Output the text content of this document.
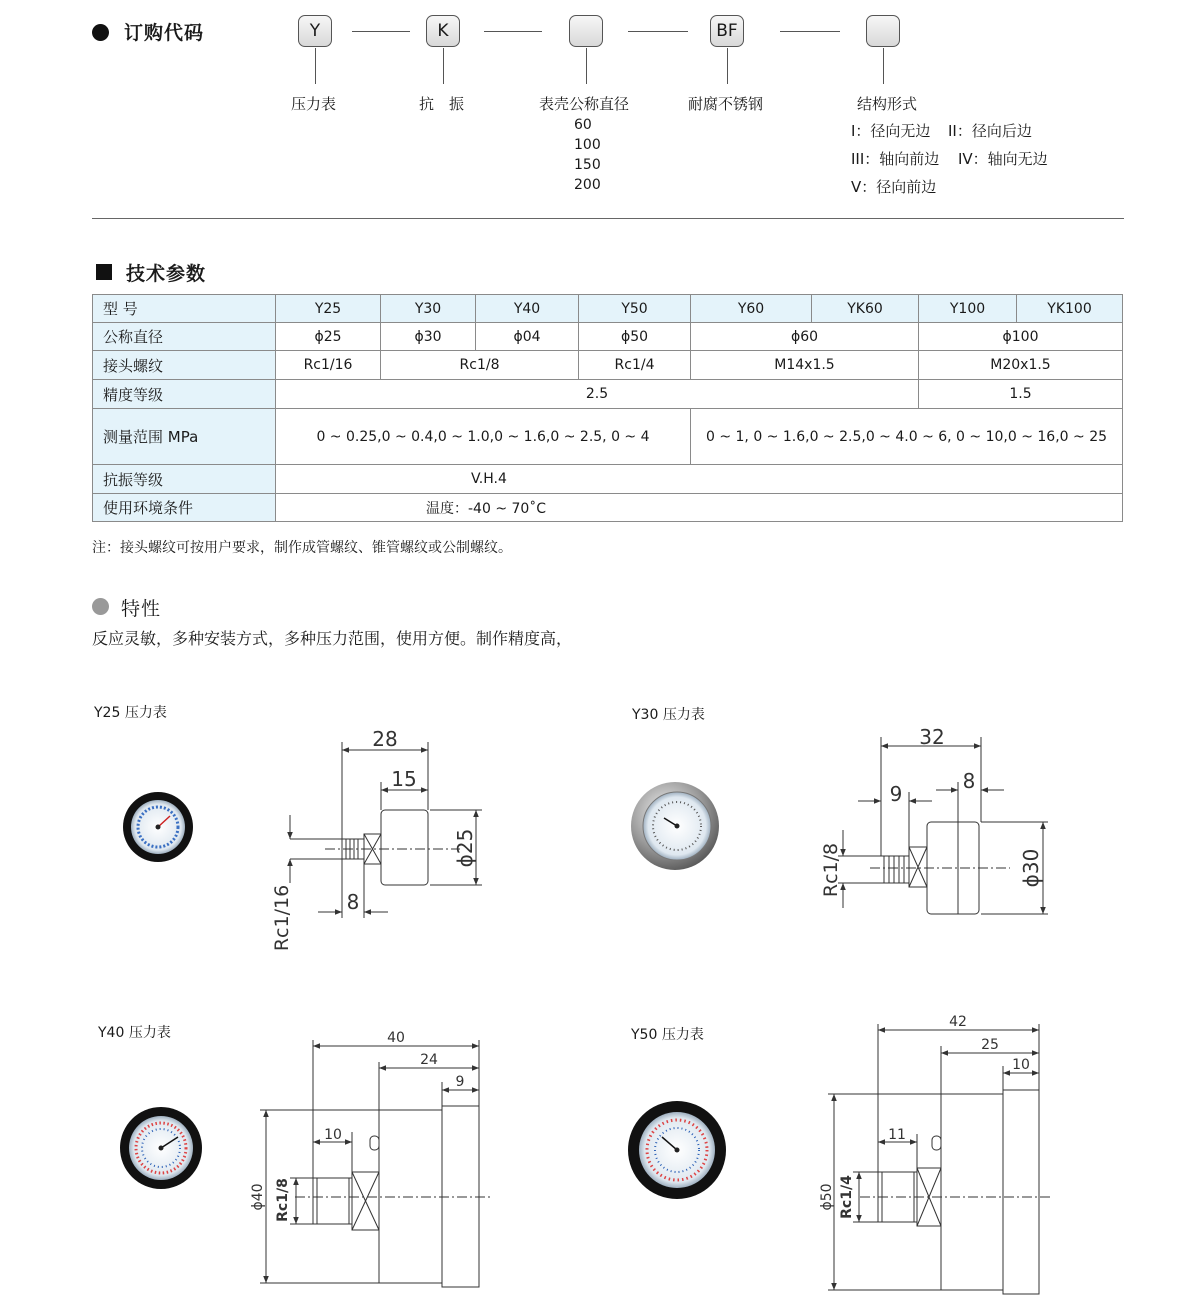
订购代码	Y	K	BF
压力表	抗　振	表壳公称直径	耐腐不锈钢	结构形式
60
100
150
200
I：径向无边 II：径向后边
III：轴向前边 IV：轴向无边
V：径向前边
技术参数
型 号	Y25	Y30	Y40	Y50	Y60	YK60	Y100	YK100
公称直径	ϕ25	ϕ30	ϕ04	ϕ50	ϕ60		ϕ100	
接头螺纹	Rc1/16	Rc1/8		Rc1/4	M14x1.5		M20x1.5	
精度等级	2.5						1.5	
测量范围 MPa	0 ~ 0.25,0 ~ 0.4,0 ~ 1.0,0 ~ 1.6,0 ~ 2.5, 0 ~ 4				0 ~ 1, 0 ~ 1.6,0 ~ 2.5,0 ~ 4.0 ~ 6, 0 ~ 10,0 ~ 16,0 ~ 25			
抗振等级	V.H.4							
使用环境条件	温度：-40 ~ 70˚C							
注：接头螺纹可按用户要求，制作成管螺纹、锥管螺纹或公制螺纹。
特性
反应灵敏，多种安装方式，多种压力范围，使用方便。制作精度高，
Y25 压力表	Y30 压力表
Y40 压力表	Y50 压力表
28
15
8
ϕ25
Rc1/16
32
9
8
ϕ30
Rc1/8
40
24
9
10
ϕ40 Rc1/8
42
25
10
11
ϕ50 Rc1/4
